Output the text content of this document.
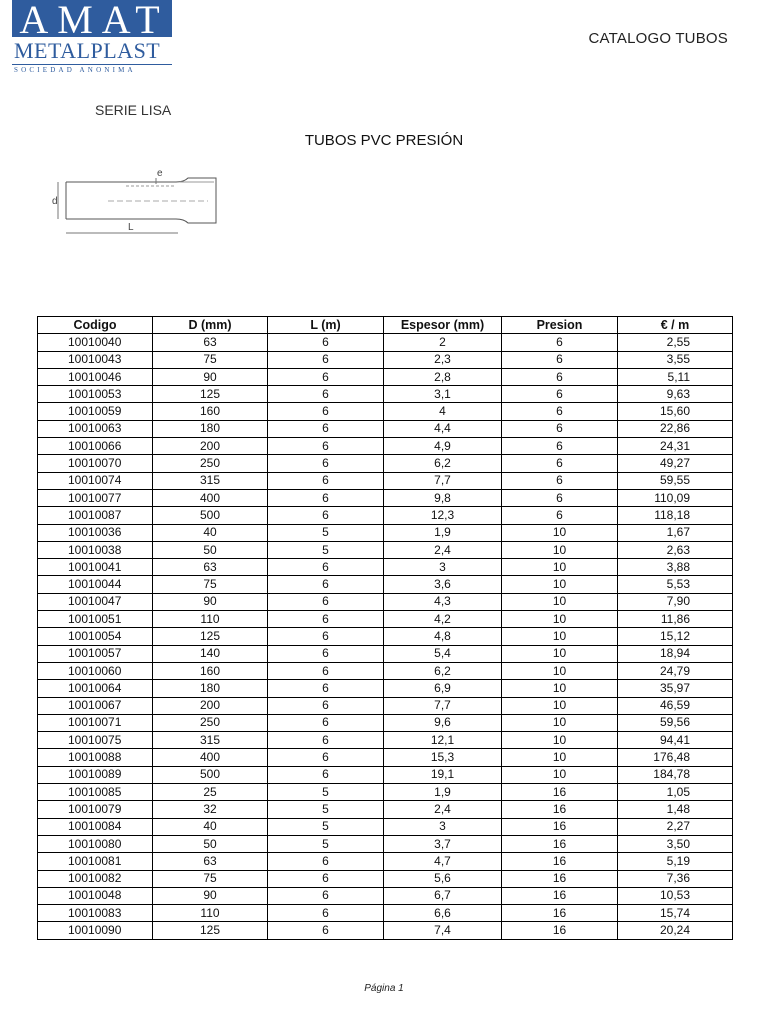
AMAT
METALPLAST
SOCIEDAD ANONIMA
CATALOGO TUBOS
SERIE LISA
TUBOS PVC PRESIÓN
e
d
L
Codigo	D (mm)	L (m)	Espesor (mm)	Presion	€ / m
10010040	63	6	2	6	2,55
10010043	75	6	2,3	6	3,55
10010046	90	6	2,8	6	5,11
10010053	125	6	3,1	6	9,63
10010059	160	6	4	6	15,60
10010063	180	6	4,4	6	22,86
10010066	200	6	4,9	6	24,31
10010070	250	6	6,2	6	49,27
10010074	315	6	7,7	6	59,55
10010077	400	6	9,8	6	110,09
10010087	500	6	12,3	6	118,18
10010036	40	5	1,9	10	1,67
10010038	50	5	2,4	10	2,63
10010041	63	6	3	10	3,88
10010044	75	6	3,6	10	5,53
10010047	90	6	4,3	10	7,90
10010051	110	6	4,2	10	11,86
10010054	125	6	4,8	10	15,12
10010057	140	6	5,4	10	18,94
10010060	160	6	6,2	10	24,79
10010064	180	6	6,9	10	35,97
10010067	200	6	7,7	10	46,59
10010071	250	6	9,6	10	59,56
10010075	315	6	12,1	10	94,41
10010088	400	6	15,3	10	176,48
10010089	500	6	19,1	10	184,78
10010085	25	5	1,9	16	1,05
10010079	32	5	2,4	16	1,48
10010084	40	5	3	16	2,27
10010080	50	5	3,7	16	3,50
10010081	63	6	4,7	16	5,19
10010082	75	6	5,6	16	7,36
10010048	90	6	6,7	16	10,53
10010083	110	6	6,6	16	15,74
10010090	125	6	7,4	16	20,24
Página 1
